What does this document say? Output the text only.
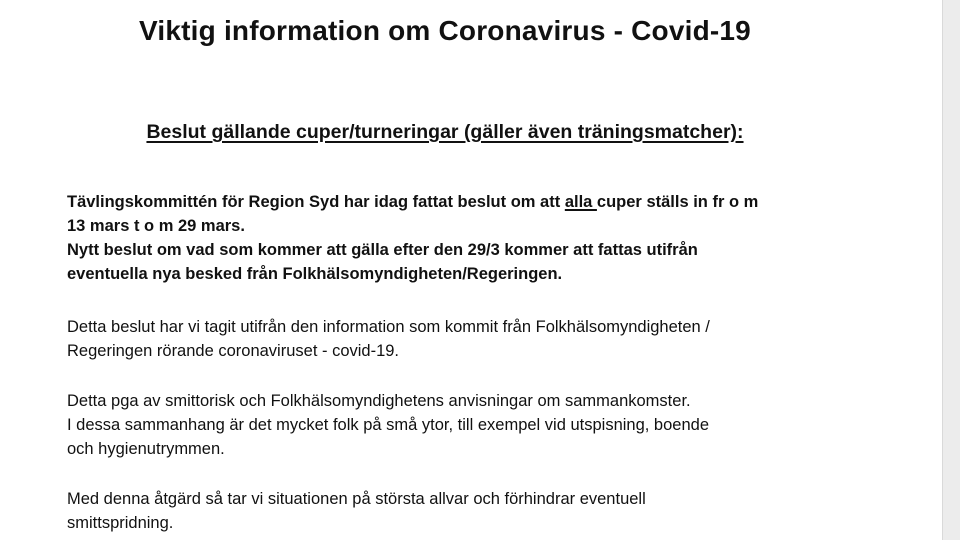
Viktig information om Coronavirus - Covid-19
Beslut gällande cuper/turneringar (gäller även träningsmatcher):
Tävlingskommittén för Region Syd har idag fattat beslut om att alla cuper ställs in fr o m
13 mars t o m 29 mars.
Nytt beslut om vad som kommer att gälla efter den 29/3 kommer att fattas utifrån
eventuella nya besked från Folkhälsomyndigheten/Regeringen.
Detta beslut har vi tagit utifrån den information som kommit från Folkhälsomyndigheten /
Regeringen rörande coronaviruset - covid-19.
Detta pga av smittorisk och Folkhälsomyndighetens anvisningar om sammankomster.
I dessa sammanhang är det mycket folk på små ytor, till exempel vid utspisning, boende
och hygienutrymmen.
Med denna åtgärd så tar vi situationen på största allvar och förhindrar eventuell
smittspridning.
